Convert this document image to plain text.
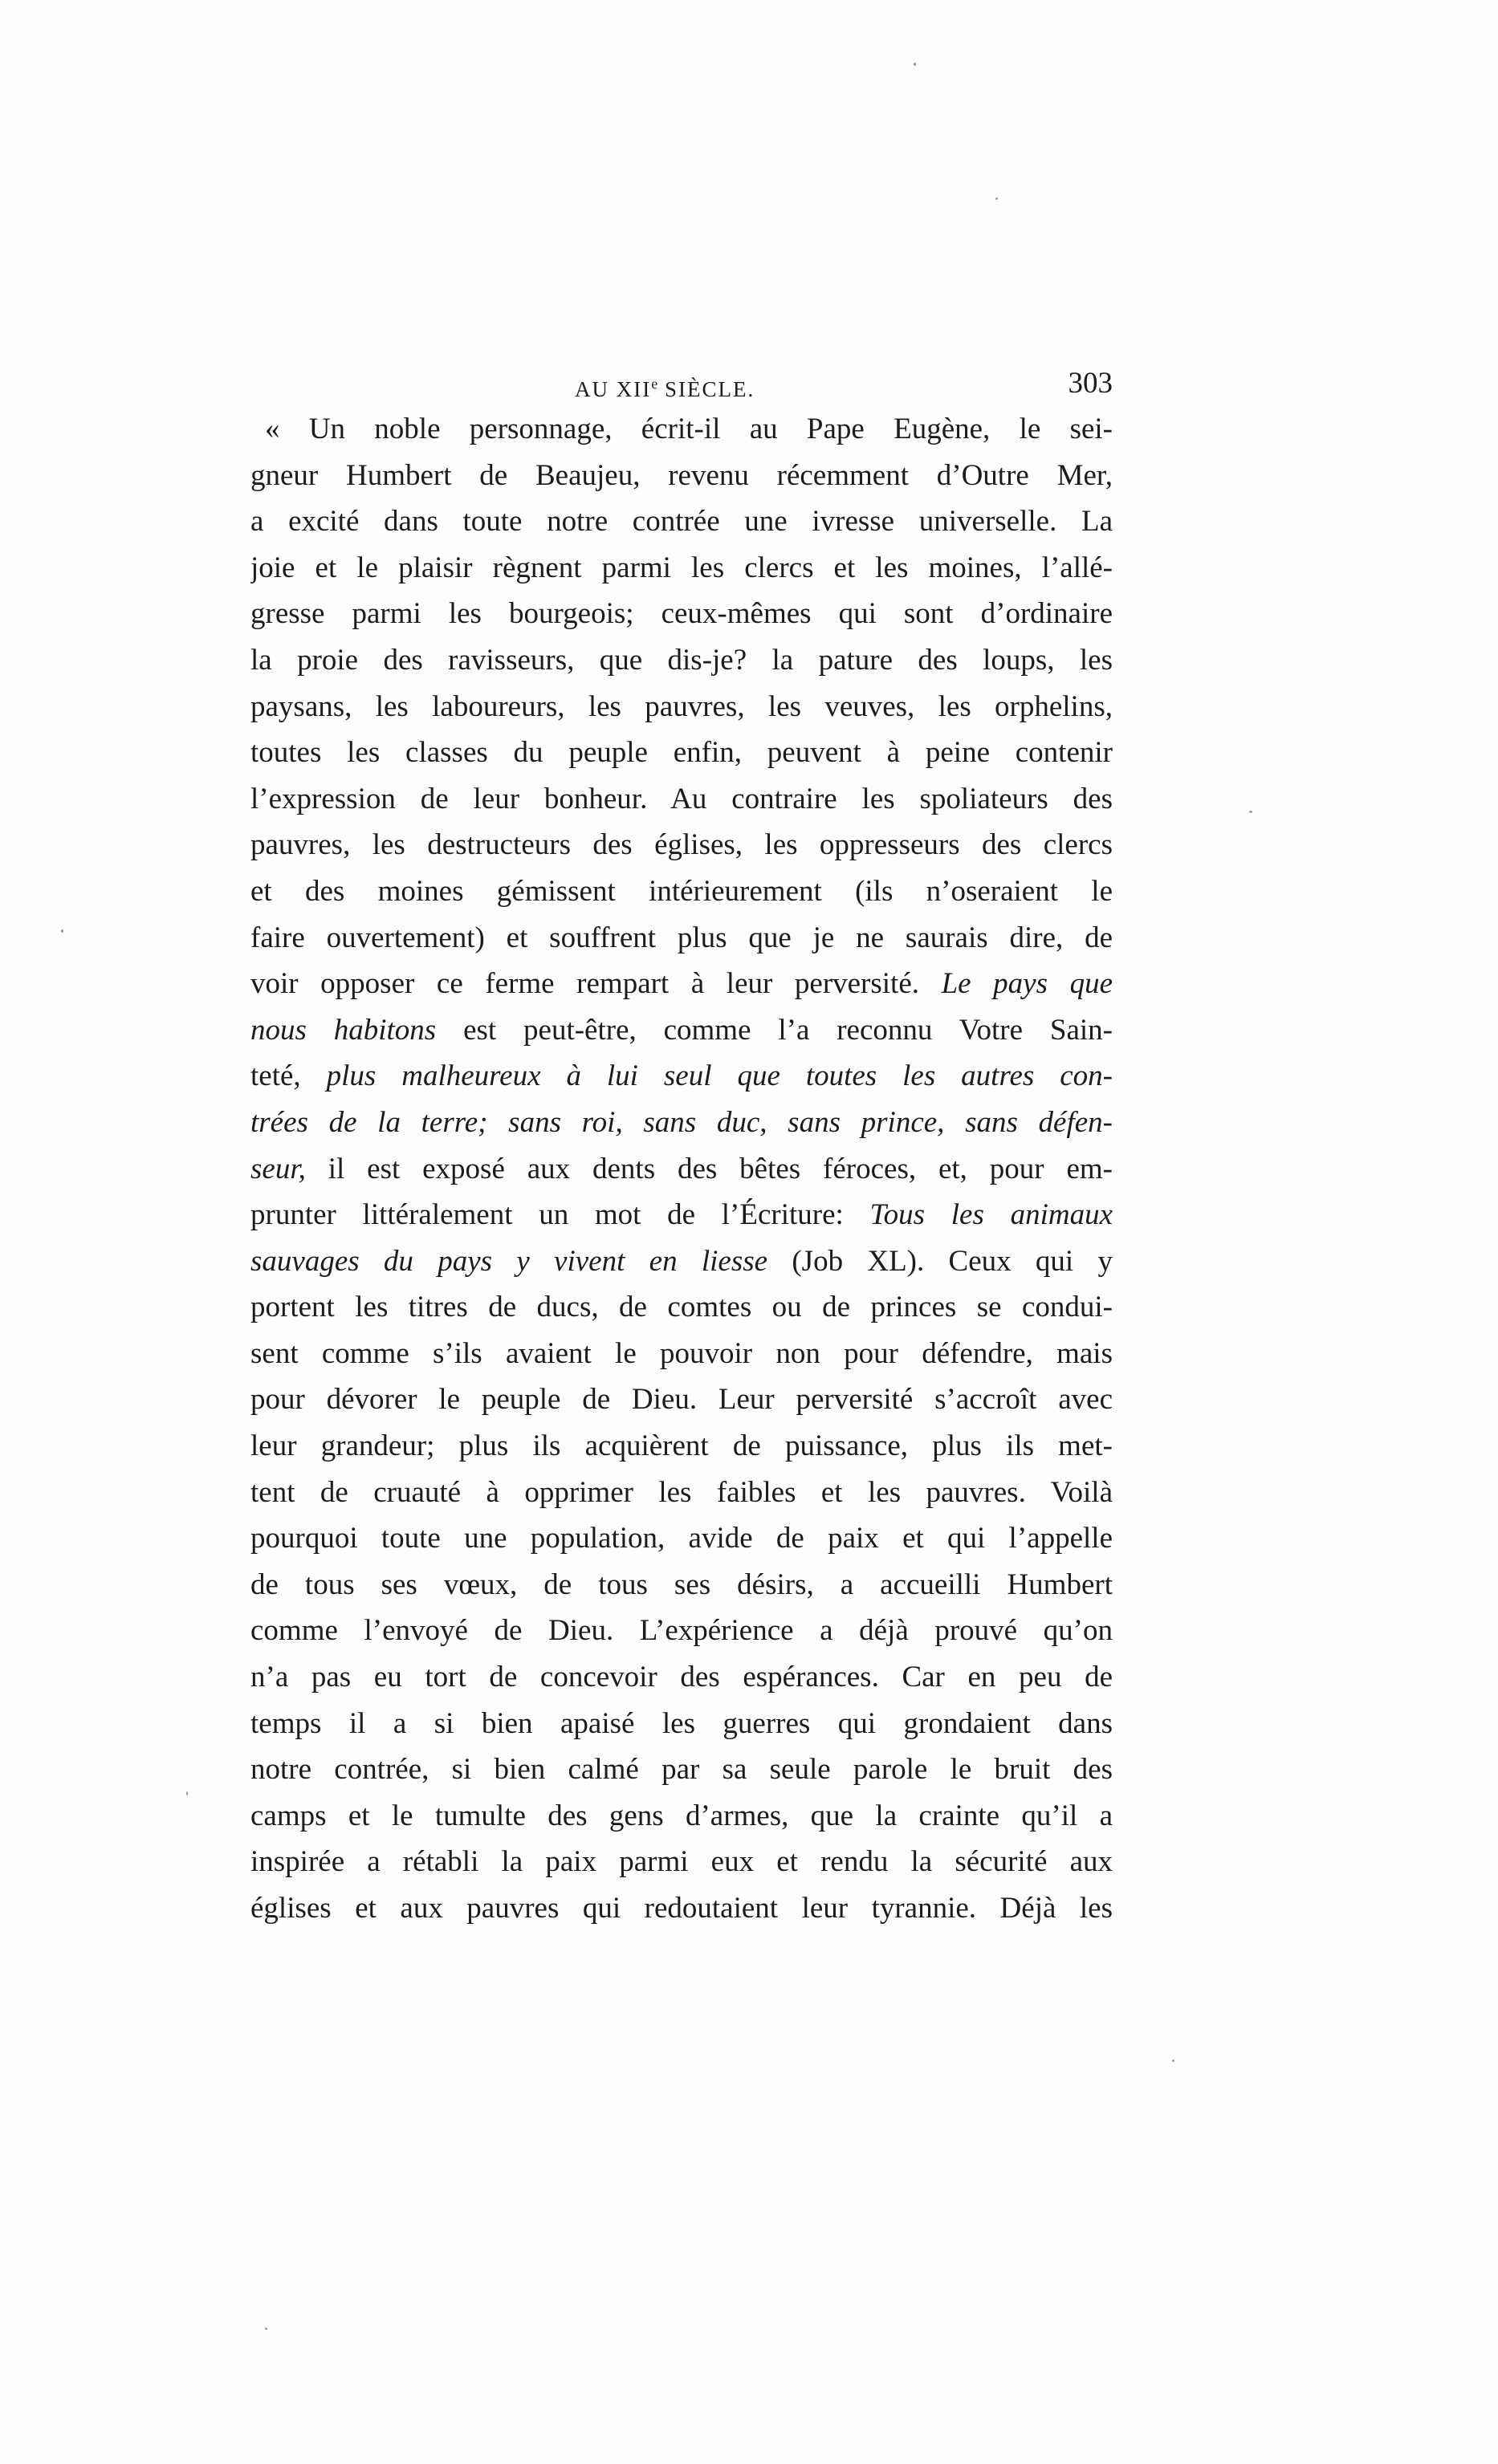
AU XIIe SIÈCLE.	303
« Un noble personnage, écrit-il au Pape Eugène, le sei-
gneur Humbert de Beaujeu, revenu récemment d’Outre Mer,
a excité dans toute notre contrée une ivresse universelle. La
joie et le plaisir règnent parmi les clercs et les moines, l’allé-
gresse parmi les bourgeois; ceux-mêmes qui sont d’ordinaire
la proie des ravisseurs, que dis-je? la pature des loups, les
paysans, les laboureurs, les pauvres, les veuves, les orphelins,
toutes les classes du peuple enfin, peuvent à peine contenir
l’expression de leur bonheur. Au contraire les spoliateurs des
pauvres, les destructeurs des églises, les oppresseurs des clercs
et des moines gémissent intérieurement (ils n’oseraient le
faire ouvertement) et souffrent plus que je ne saurais dire, de
voir opposer ce ferme rempart à leur perversité. Le pays que
nous habitons est peut-être, comme l’a reconnu Votre Sain-
teté, plus malheureux à lui seul que toutes les autres con-
trées de la terre; sans roi, sans duc, sans prince, sans défen-
seur, il est exposé aux dents des bêtes féroces, et, pour em-
prunter littéralement un mot de l’Écriture: Tous les animaux
sauvages du pays y vivent en liesse (Job XL). Ceux qui y
portent les titres de ducs, de comtes ou de princes se condui-
sent comme s’ils avaient le pouvoir non pour défendre, mais
pour dévorer le peuple de Dieu. Leur perversité s’accroît avec
leur grandeur; plus ils acquièrent de puissance, plus ils met-
tent de cruauté à opprimer les faibles et les pauvres. Voilà
pourquoi toute une population, avide de paix et qui l’appelle
de tous ses vœux, de tous ses désirs, a accueilli Humbert
comme l’envoyé de Dieu. L’expérience a déjà prouvé qu’on
n’a pas eu tort de concevoir des espérances. Car en peu de
temps il a si bien apaisé les guerres qui grondaient dans
notre contrée, si bien calmé par sa seule parole le bruit des
camps et le tumulte des gens d’armes, que la crainte qu’il a
inspirée a rétabli la paix parmi eux et rendu la sécurité aux
églises et aux pauvres qui redoutaient leur tyrannie. Déjà les
